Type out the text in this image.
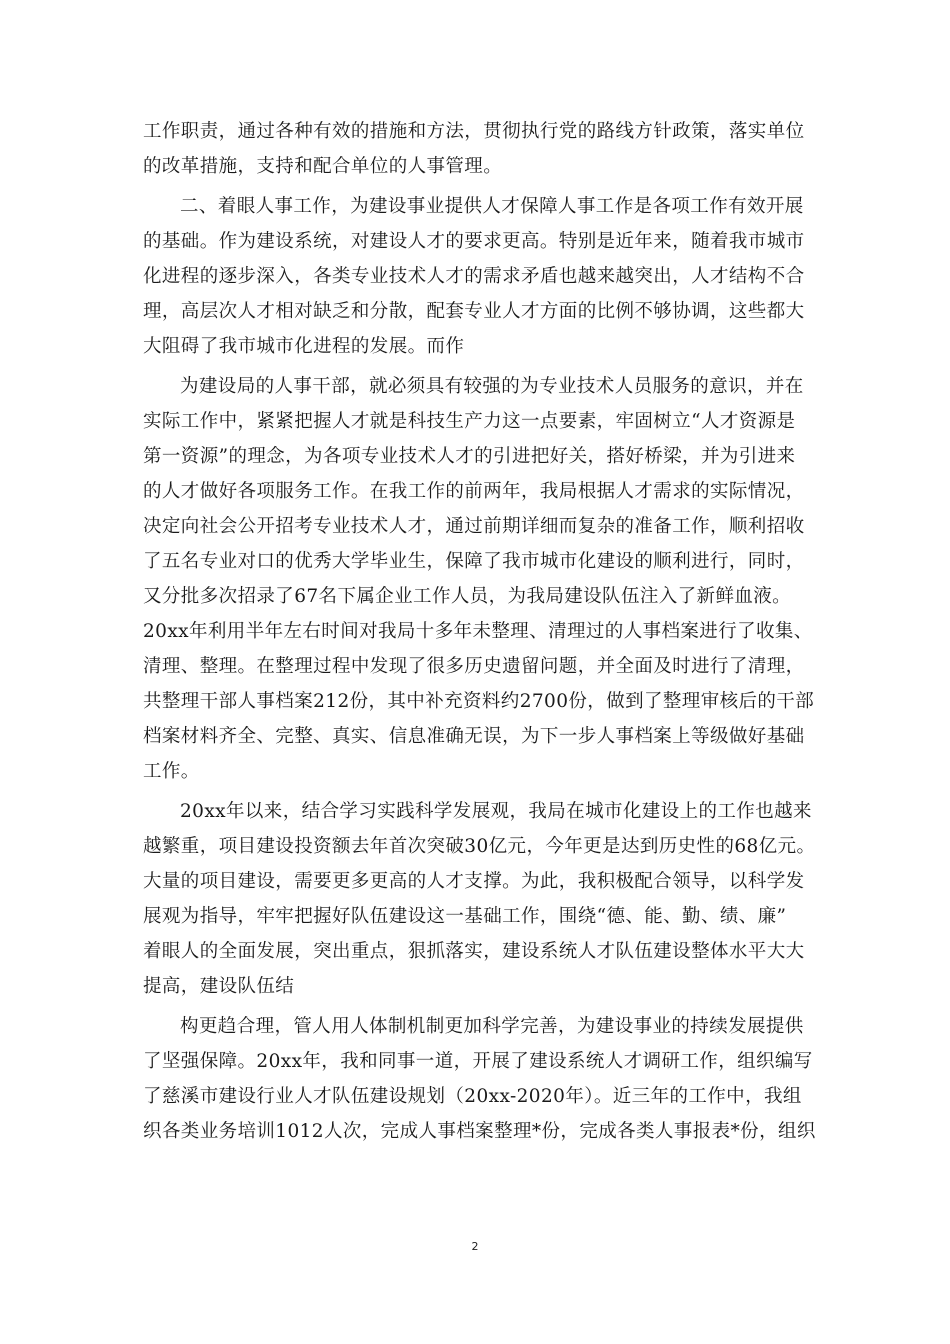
工作职责，通过各种有效的措施和方法，贯彻执行党的路线方针政策，落实单位
的改革措施，支持和配合单位的人事管理。

二、着眼人事工作，为建设事业提供人才保障人事工作是各项工作有效开展
的基础。作为建设系统，对建设人才的要求更高。特别是近年来，随着我市城市
化进程的逐步深入，各类专业技术人才的需求矛盾也越来越突出，人才结构不合
理，高层次人才相对缺乏和分散，配套专业人才方面的比例不够协调，这些都大
大阻碍了我市城市化进程的发展。而作

为建设局的人事干部，就必须具有较强的为专业技术人员服务的意识，并在
实际工作中，紧紧把握人才就是科技生产力这一点要素，牢固树立“人才资源是
第一资源”的理念，为各项专业技术人才的引进把好关，搭好桥梁，并为引进来
的人才做好各项服务工作。在我工作的前两年，我局根据人才需求的实际情况，
决定向社会公开招考专业技术人才，通过前期详细而复杂的准备工作，顺利招收
了五名专业对口的优秀大学毕业生，保障了我市城市化建设的顺利进行，同时，
又分批多次招录了67名下属企业工作人员，为我局建设队伍注入了新鲜血液。
20xx年利用半年左右时间对我局十多年未整理、清理过的人事档案进行了收集、
清理、整理。在整理过程中发现了很多历史遗留问题，并全面及时进行了清理，
共整理干部人事档案212份，其中补充资料约2700份，做到了整理审核后的干部
档案材料齐全、完整、真实、信息准确无误，为下一步人事档案上等级做好基础
工作。

20xx年以来，结合学习实践科学发展观，我局在城市化建设上的工作也越来
越繁重，项目建设投资额去年首次突破30亿元，今年更是达到历史性的68亿元。
大量的项目建设，需要更多更高的人才支撑。为此，我积极配合领导，以科学发
展观为指导，牢牢把握好队伍建设这一基础工作，围绕“德、能、勤、绩、廉”
着眼人的全面发展，突出重点，狠抓落实，建设系统人才队伍建设整体水平大大
提高，建设队伍结

构更趋合理，管人用人体制机制更加科学完善，为建设事业的持续发展提供
了坚强保障。20xx年，我和同事一道，开展了建设系统人才调研工作，组织编写
了慈溪市建设行业人才队伍建设规划（20xx-2020年）。近三年的工作中，我组
织各类业务培训1012人次，完成人事档案整理*份，完成各类人事报表*份，组织

2
